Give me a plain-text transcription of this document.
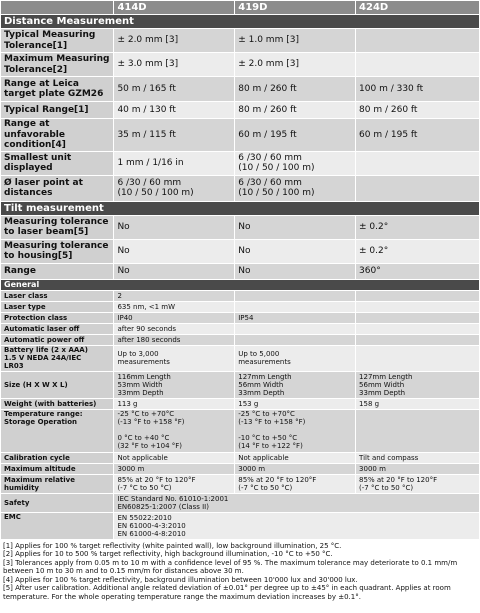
	414D	419D	424D
Distance Measurement			

Typical Measuring Tolerance[1]	± 2.0 mm [3]	± 1.0 mm [3]	

Maximum Measuring Tolerance[2]	± 3.0 mm [3]	± 2.0 mm [3]	

Range at Leica target plate GZM26	50 m / 165 ft	80 m / 260 ft	100 m / 330 ft

Typical Range[1]	40 m / 130 ft	80 m / 260 ft	80 m / 260 ft

Range at unfavorable condition[4]	35 m / 115 ft	60 m / 195 ft	60 m / 195 ft

Smallest unit displayed	1 mm / 1/16 in	6 /30 / 60 mm
(10 / 50 / 100 m)	

Ø laser point at distances	6 /30 / 60 mm
(10 / 50 / 100 m)	6 /30 / 60 mm
(10 / 50 / 100 m)	

Tilt measurement			

Measuring tolerance to laser beam[5]	No	No	± 0.2°

Measuring tolerance to housing[5]	No	No	± 0.2°

Range	No	No	360°

General			

Laser class	2		

Laser type	635 nm, <1 mW		

Protection class	IP40	IP54	

Automatic laser off	after 90 seconds		

Automatic power off	after 180 seconds		

Battery life (2 x AAA)
1.5 V NEDA 24A/IEC
LR03	Up to 3,000
measurements	Up to 5,000
measurements	

Size (H X W X L)	116mm Length
53mm Width
33mm Depth	127mm Length
56mm Width
33mm Depth	127mm Length
56mm Width
33mm Depth

Weight (with batteries)	113 g	153 g	158 g

Temperature range:
Storage Operation	-25 °C to +70°C
(-13 °F to +158 °F)

0 °C to +40 °C
(32 °F to +104 °F)	-25 °C to +70°C
(-13 °F to +158 °F)

-10 °C to +50 °C
(14 °F to +122 °F)	

Calibration cycle	Not applicable	Not applicable	Tilt and compass

Maximum altitude	3000 m	3000 m	3000 m

Maximum relative humidity	85% at 20 °F to 120°F
(-7 °C to 50 °C)	85% at 20 °F to 120°F
(-7 °C to 50 °C)	85% at 20 °F to 120°F
(-7 °C to 50 °C)

Safety	IEC Standard No. 61010-1:2001
EN60825-1:2007 (Class II)		

EMC	EN 55022:2010
EN 61000-4-3:2010
EN 61000-4-8:2010		
[1] Applies for 100 % target reflectivity (white painted wall), low background illumination, 25 °C.
[2] Applies for 10 to 500 % target reflectivity, high background illumination, -10 °C to +50 °C.
[3] Tolerances apply from 0.05 m to 10 m with a confidence level of 95 %. The maximum tolerance may deteriorate to 0.1 mm/m between 10 m to 30 m and to 0.15 mm/m for distances above 30 m.
[4] Applies for 100 % target reflectivity, background illumination between 10'000 lux and 30'000 lux.
[5] After user calibration. Additional angle related deviation of ±0.01° per degree up to ±45° in each quadrant. Applies at room temperature. For the whole operating temperature range the maximum deviation increases by ±0.1°.
